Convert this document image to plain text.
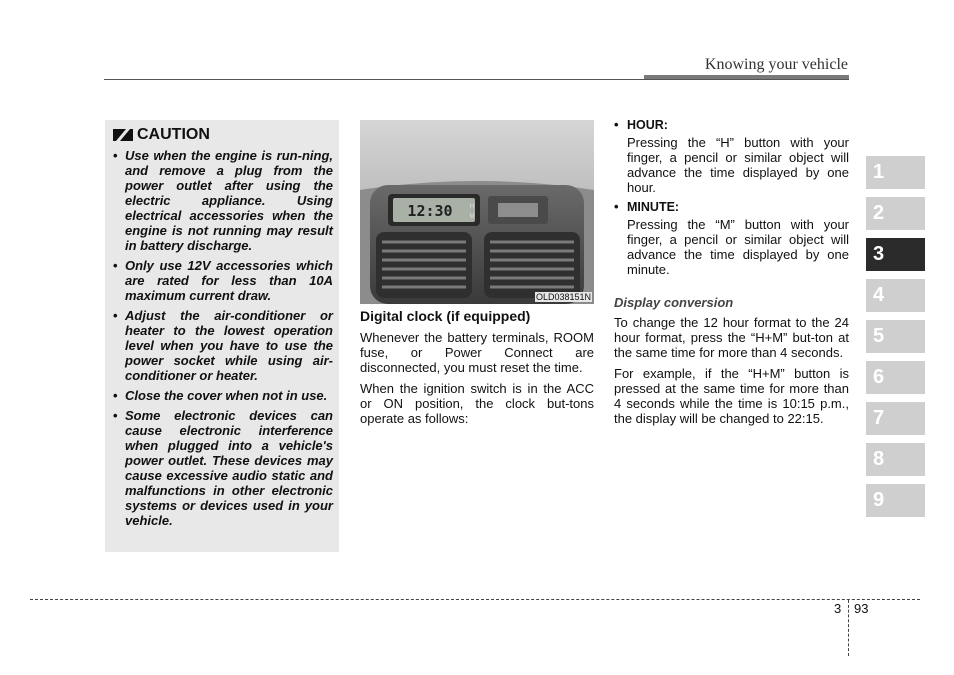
Knowing your vehicle
CAUTION
• Use when the engine is run-ning, and remove a plug from the power outlet after using the electric appliance. Using electrical accessories when the engine is not running may result in battery discharge.
• Only use 12V accessories which are rated for less than 10A maximum current draw.
• Adjust the air-conditioner or heater to the lowest operation level when you have to use the power socket while using air-conditioner or heater.
• Close the cover when not in use.
• Some electronic devices can cause electronic interference when plugged into a vehicle's power outlet. These devices may cause excessive audio static and malfunctions in other electronic systems or devices used in your vehicle.
12:30	H
M
OLD038151N
Digital clock (if equipped)

Whenever the battery terminals, ROOM fuse, or Power Connect are disconnected, you must reset the time.

When the ignition switch is in the ACC or ON position, the clock but-tons operate as follows:

• HOUR:
Pressing the “H” button with your finger, a pencil or similar object will advance the time displayed by one hour.
• MINUTE:
Pressing the “M” button with your finger, a pencil or similar object will advance the time displayed by one minute.
Display conversion

To change the 12 hour format to the 24 hour format, press the “H+M” but-ton at the same time for more than 4 seconds.

For example, if the “H+M” button is pressed at the same time for more than 4 seconds while the time is 10:15 p.m., the display will be changed to 22:15.

1
2
3
4
5
6
7
8
9
3 93
